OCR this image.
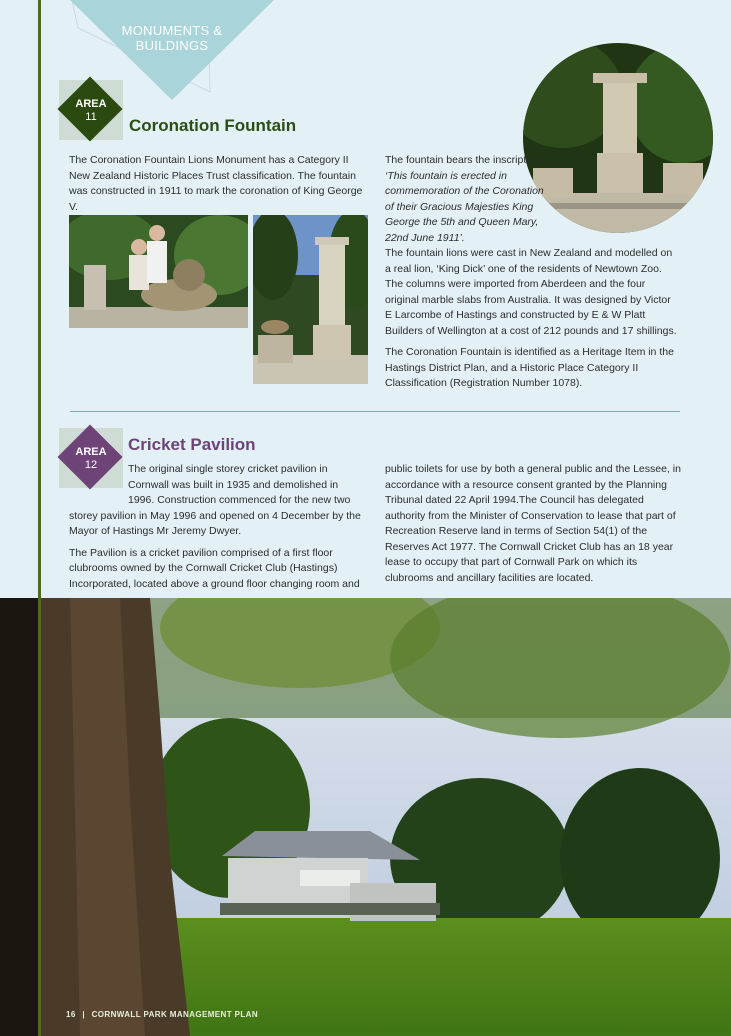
MONUMENTS &
BUILDINGS
AREA
11	Coronation Fountain
The Coronation Fountain Lions Monument has a Category II New Zealand Historic Places Trust classification. The fountain was constructed in 1911 to mark the coronation of King George V.
The fountain bears the inscription ‘This fountain is erected in commemoration of the Coronation of their Gracious Majesties King George the 5th and Queen Mary, 22nd June 1911’.

The fountain lions were cast in New Zealand and modelled on a real lion, ‘King Dick’ one of the residents of Newtown Zoo. The columns were imported from Aberdeen and the four original marble slabs from Australia. It was designed by Victor E Larcombe of Hastings and constructed by E & W Platt Builders of Wellington at a cost of 212 pounds and 17 shillings.

The Coronation Fountain is identified as a Heritage Item in the Hastings District Plan, and a Historic Place Category II Classification (Registration Number 1078).

AREA
12
Cricket Pavilion

The original single storey cricket pavilion in Cornwall was built in 1935 and demolished in 1996. Construction commenced for the new two storey pavilion in May 1996 and opened on 4 December by the Mayor of Hastings Mr Jeremy Dwyer.

The Pavilion is a cricket pavilion comprised of a first floor clubrooms owned by the Cornwall Cricket Club (Hastings) Incorporated, located above a ground floor changing room and

public toilets for use by both a general public and the Lessee, in accordance with a resource consent granted by the Planning Tribunal dated 22 April 1994.The Council has delegated authority from the Minister of Conservation to lease that part of Recreation Reserve land in terms of Section 54(1) of the Reserves Act 1977. The Cornwall Cricket Club has an 18 year lease to occupy that part of Cornwall Park on which its clubrooms and ancillary facilities are located.
16 | CORNWALL PARK MANAGEMENT PLAN
